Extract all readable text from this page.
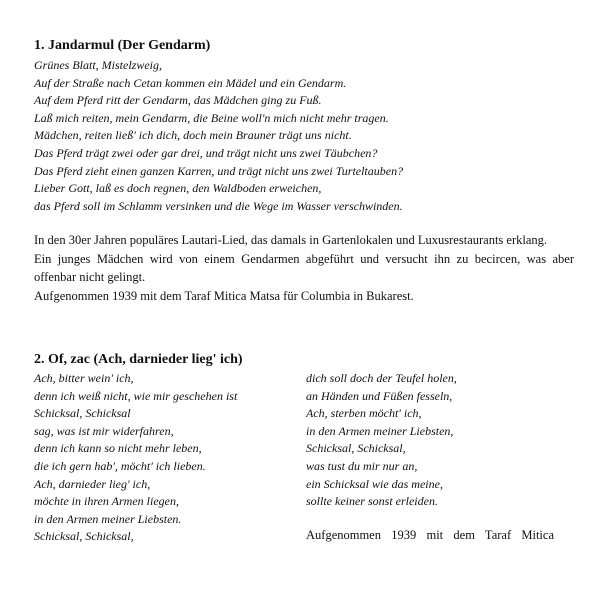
1. Jandarmul (Der Gendarm)
Grünes Blatt, Mistelzweig,
Auf der Straße nach Cetan kommen ein Mädel und ein Gendarm.
Auf dem Pferd ritt der Gendarm, das Mädchen ging zu Fuß.
Laß mich reiten, mein Gendarm, die Beine woll'n mich nicht mehr tragen.
Mädchen, reiten ließ' ich dich, doch mein Brauner trägt uns nicht.
Das Pferd trägt zwei oder gar drei, und trägt nicht uns zwei Täubchen?
Das Pferd zieht einen ganzen Karren, und trägt nicht uns zwei Turteltauben?
Lieber Gott, laß es doch regnen, den Waldboden erweichen,
das Pferd soll im Schlamm versinken und die Wege im Wasser verschwinden.
In den 30er Jahren populäres Lautari-Lied, das damals in Gartenlokalen und Luxusrestaurants erklang.
Ein junges Mädchen wird von einem Gendarmen abgeführt und versucht ihn zu becircen, was aber
offenbar nicht gelingt.
Aufgenommen 1939 mit dem Taraf Mitica Matsa für Columbia in Bukarest.
2. Of, zac (Ach, darnieder lieg' ich)
Ach, bitter wein' ich,
denn ich weiß nicht, wie mir geschehen ist
Schicksal, Schicksal
sag, was ist mir widerfahren,
denn ich kann so nicht mehr leben,
die ich gern hab', möcht' ich lieben.
Ach, darnieder lieg' ich,
möchte in ihren Armen liegen,
in den Armen meiner Liebsten.
Schicksal, Schicksal,
dich soll doch der Teufel holen,
an Händen und Füßen fesseln,
Ach, sterben möcht' ich,
in den Armen meiner Liebsten,
Schicksal, Schicksal,
was tust du mir nur an,
ein Schicksal wie das meine,
sollte keiner sonst erleiden.
Aufgenommen 1939 mit dem Taraf Mitica
